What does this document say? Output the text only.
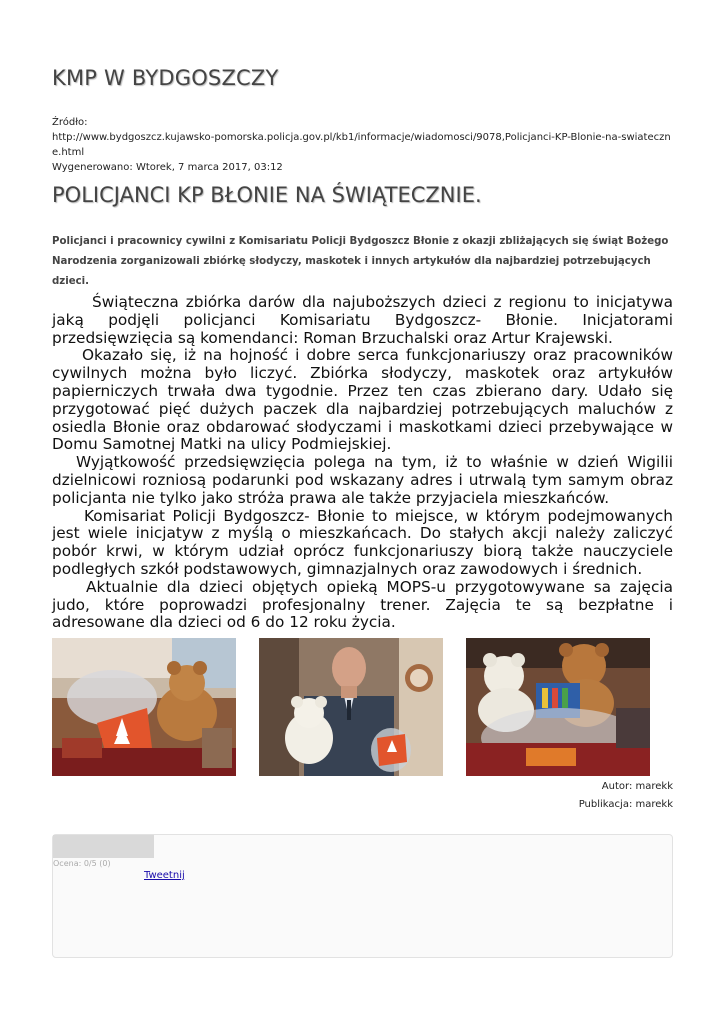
KMP W BYDGOSZCZY
Źródło:
http://www.bydgoszcz.kujawsko-pomorska.policja.gov.pl/kb1/informacje/wiadomosci/9078,Policjanci-KP-Blonie-na-swiateczne.html
Wygenerowano: Wtorek, 7 marca 2017, 03:12
POLICJANCI KP BŁONIE NA ŚWIĄTECZNIE.
Policjanci i pracownicy cywilni z Komisariatu Policji Bydgoszcz Błonie z okazji zbliżających się świąt Bożego Narodzenia zorganizowali zbiórkę słodyczy, maskotek i innych artykułów dla najbardziej potrzebujących dzieci.

Świąteczna zbiórka darów dla najuboższych dzieci z regionu to inicjatywa jaką podjęli policjanci Komisariatu Bydgoszcz- Błonie. Inicjatorami przedsięwzięcia są komendanci: Roman Brzuchalski oraz Artur Krajewski.

Okazało się, iż na hojność i dobre serca funkcjonariuszy oraz pracowników cywilnych można było liczyć. Zbiórka słodyczy, maskotek oraz artykułów papierniczych trwała dwa tygodnie. Przez ten czas zbierano dary. Udało się przygotować pięć dużych paczek dla najbardziej potrzebujących maluchów z osiedla Błonie oraz obdarować słodyczami i maskotkami dzieci przebywające w Domu Samotnej Matki na ulicy Podmiejskiej.

Wyjątkowość przedsięwzięcia polega na tym, iż to właśnie w dzień Wigilii dzielnicowi rozniosą podarunki pod wskazany adres i utrwalą tym samym obraz policjanta nie tylko jako stróża prawa ale także przyjaciela mieszkańców.

Komisariat Policji Bydgoszcz- Błonie to miejsce, w którym podejmowanych jest wiele inicjatyw z myślą o mieszkańcach. Do stałych akcji należy zaliczyć pobór krwi, w którym udział oprócz funkcjonariuszy biorą także nauczyciele podległych szkół podstawowych, gimnazjalnych oraz zawodowych i średnich.

Aktualnie dla dzieci objętych opieką MOPS-u przygotowywane sa zajęcia judo, które poprowadzi profesjonalny trener. Zajęcia te są bezpłatne i adresowane dla dzieci od 6 do 12 roku życia.

Autor: marekk
Publikacja: marekk
Ocena: 0/5 (0)
Tweetnij
